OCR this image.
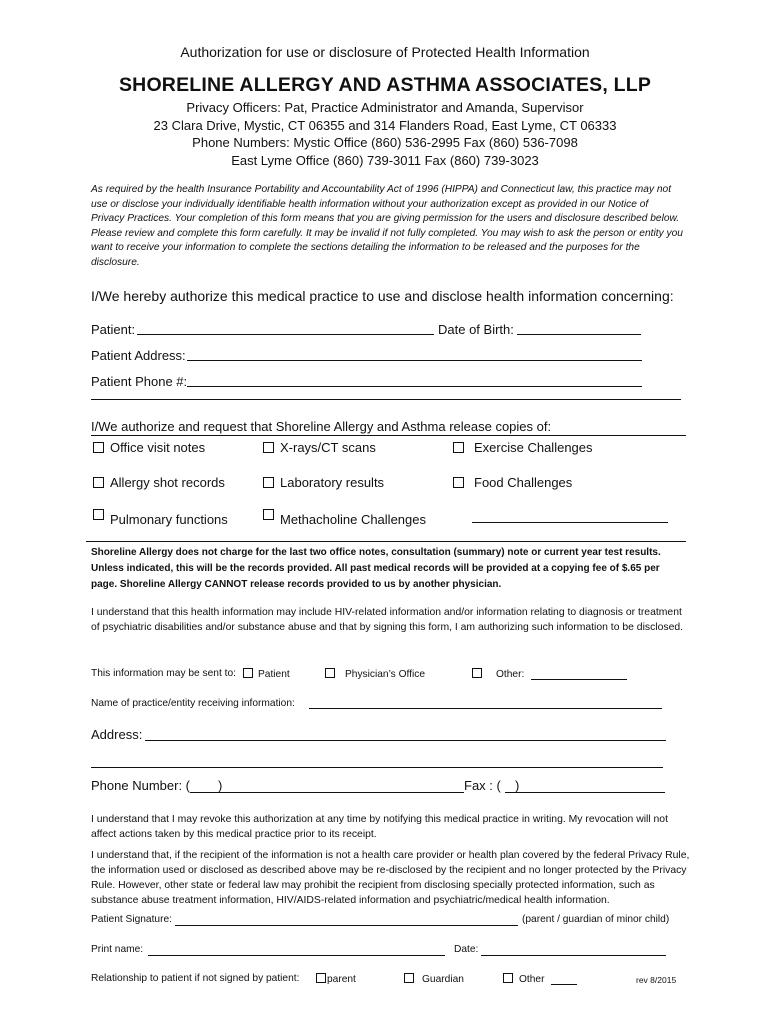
Authorization for use or disclosure of Protected Health Information
SHORELINE ALLERGY AND ASTHMA ASSOCIATES, LLP
Privacy Officers: Pat, Practice Administrator and Amanda, Supervisor
23 Clara Drive, Mystic, CT 06355 and 314 Flanders Road, East Lyme, CT 06333
Phone Numbers: Mystic Office (860) 536-2995 Fax (860) 536-7098
East Lyme Office (860) 739-3011 Fax (860) 739-3023
As required by the health Insurance Portability and Accountability Act of 1996 (HIPPA) and Connecticut law, this practice may not use or disclose your individually identifiable health information without your authorization except as provided in our Notice of Privacy Practices. Your completion of this form means that you are giving permission for the users and disclosure described below. Please review and complete this form carefully. It may be invalid if not fully completed. You may wish to ask the person or entity you want to receive your information to complete the sections detailing the information to be released and the purposes for the disclosure.
I/We hereby authorize this medical practice to use and disclose health information concerning:
Patient:	Date of Birth:
Patient Address:
Patient Phone #:
I/We authorize and request that Shoreline Allergy and Asthma release copies of:
Office visit notes	X-rays/CT scans	Exercise Challenges
Allergy shot records	Laboratory results	Food Challenges
Pulmonary functions	Methacholine Challenges
Shoreline Allergy does not charge for the last two office notes, consultation (summary) note or current year test results. Unless indicated, this will be the records provided. All past medical records will be provided at a copying fee of $.65 per page. Shoreline Allergy CANNOT release records provided to us by another physician.
I understand that this health information may include HIV-related information and/or information relating to diagnosis or treatment of psychiatric disabilities and/or substance abuse and that by signing this form, I am authorizing such information to be disclosed.
This information may be sent to:	Patient	Physician’s Office	Other:
Name of practice/entity receiving information:
Address:
Phone Number: ( )	Fax : ( )
I understand that I may revoke this authorization at any time by notifying this medical practice in writing. My revocation will not affect actions taken by this medical practice prior to its receipt.
I understand that, if the recipient of the information is not a health care provider or health plan covered by the federal Privacy Rule, the information used or disclosed as described above may be re-disclosed by the recipient and no longer protected by the Privacy Rule. However, other state or federal law may prohibit the recipient from disclosing specially protected information, such as substance abuse treatment information, HIV/AIDS-related information and psychiatric/medical health information.
Patient Signature:	(parent / guardian of minor child)
Print name:	Date:
Relationship to patient if not signed by patient:	parent	Guardian	Other	rev 8/2015
